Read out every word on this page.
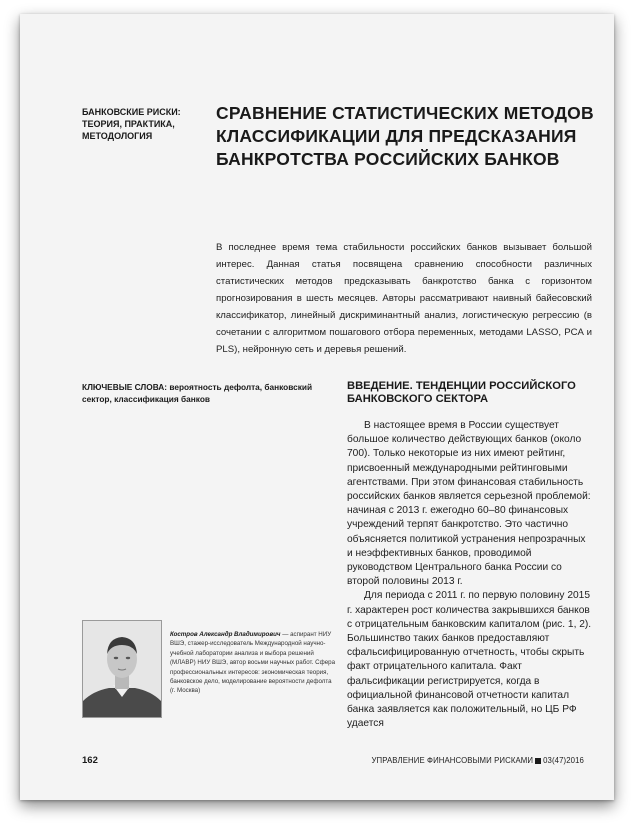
БАНКОВСКИЕ РИСКИ:
ТЕОРИЯ, ПРАКТИКА,
МЕТОДОЛОГИЯ
СРАВНЕНИЕ СТАТИСТИЧЕСКИХ МЕТОДОВ
КЛАССИФИКАЦИИ ДЛЯ ПРЕДСКАЗАНИЯ
БАНКРОТСТВА РОССИЙСКИХ БАНКОВ
В последнее время тема стабильности российских банков вызывает большой интерес. Данная статья посвящена сравнению способности различных статистических методов предсказывать банкротство банка с горизонтом прогнозирования в шесть месяцев. Авторы рассматривают наивный байесовский классификатор, линейный дискриминантный анализ, логистическую регрессию (в сочетании с алгоритмом пошагового отбора переменных, методами LASSO, PCA и PLS), нейронную сеть и деревья решений.
КЛЮЧЕВЫЕ СЛОВА: вероятность дефолта, банковский сектор, классификация банков
ВВЕДЕНИЕ. ТЕНДЕНЦИИ РОССИЙСКОГО
БАНКОВСКОГО СЕКТОРА

В настоящее время в России существует большое количество действующих банков (около 700). Только некоторые из них имеют рейтинг, присвоенный международными рейтинговыми агентствами. При этом финансовая стабильность российских банков является серьезной проблемой: начиная с 2013 г. ежегодно 60–80 финансовых учреждений терпят банкротство. Это частично объясняется политикой устранения непрозрачных и неэффективных банков, проводимой руководством Центрального банка России со второй половины 2013 г.

Для периода с 2011 г. по первую половину 2015 г. характерен рост количества закрывшихся банков с отрицательным банковским капиталом (рис. 1, 2). Большинство таких банков предоставляют сфальсифицированную отчетность, чтобы скрыть факт отрицательного капитала. Факт фальсификации регистрируется, когда в официальной финансовой отчетности капитал банка заявляется как положительный, но ЦБ РФ удается

Костров Александр Владимирович — аспирант НИУ ВШЭ, стажер-исследователь Международной научно-учебной лаборатории анализа и выбора решений (МЛАВР) НИУ ВШЭ, автор восьми научных работ. Сфера профессиональных интересов: экономическая теория, банковское дело, моделирование вероятности дефолта (г. Москва)
162	УПРАВЛЕНИЕ ФИНАНСОВЫМИ РИСКАМИ 03(47)2016
